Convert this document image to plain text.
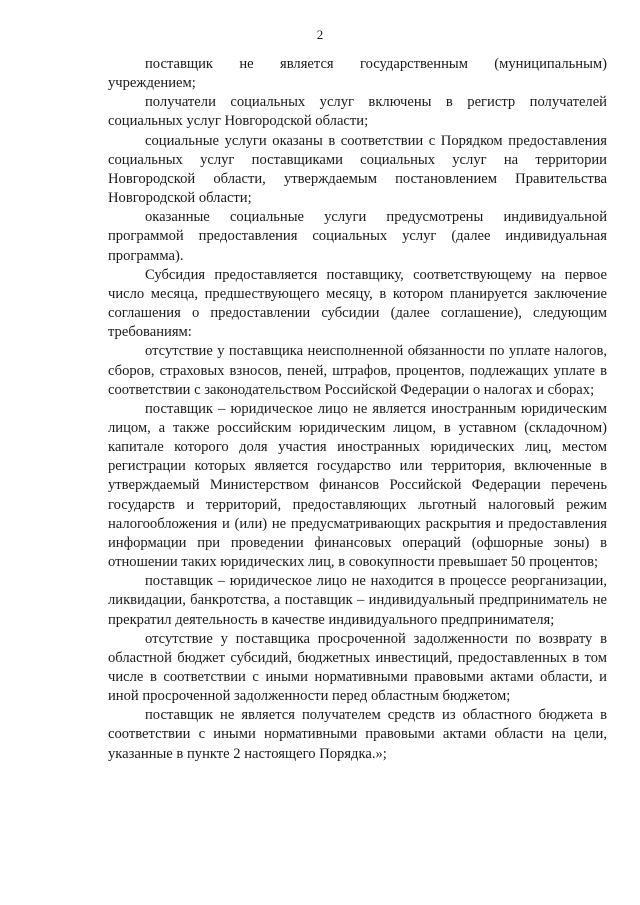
2

поставщик не является государственным (муниципальным) учреждением;

получатели социальных услуг включены в регистр получателей социальных услуг Новгородской области;

социальные услуги оказаны в соответствии с Порядком предоставления социальных услуг поставщиками социальных услуг на территории Новгородской области, утверждаемым постановлением Правительства Новгородской области;

оказанные социальные услуги предусмотрены индивидуальной программой предоставления социальных услуг (далее индивидуальная программа).

Субсидия предоставляется поставщику, соответствующему на первое число месяца, предшествующего месяцу, в котором планируется заключение соглашения о предоставлении субсидии (далее соглашение), следующим требованиям:

отсутствие у поставщика неисполненной обязанности по уплате налогов, сборов, страховых взносов, пеней, штрафов, процентов, подлежащих уплате в соответствии с законодательством Российской Федерации о налогах и сборах;

поставщик – юридическое лицо не является иностранным юридическим лицом, а также российским юридическим лицом, в уставном (складочном) капитале которого доля участия иностранных юридических лиц, местом регистрации которых является государство или территория, включенные в утверждаемый Министерством финансов Российской Федерации перечень государств и территорий, предоставляющих льготный налоговый режим налогообложения и (или) не предусматривающих раскрытия и предоставления информации при проведении финансовых операций (офшорные зоны) в отношении таких юридических лиц, в совокупности превышает 50 процентов;

поставщик – юридическое лицо не находится в процессе реорганизации, ликвидации, банкротства, а поставщик – индивидуальный предприниматель не прекратил деятельность в качестве индивидуального предпринимателя;

отсутствие у поставщика просроченной задолженности по возврату в областной бюджет субсидий, бюджетных инвестиций, предоставленных в том числе в соответствии с иными нормативными правовыми актами области, и иной просроченной задолженности перед областным бюджетом;

поставщик не является получателем средств из областного бюджета в соответствии с иными нормативными правовыми актами области на цели, указанные в пункте 2 настоящего Порядка.»;
